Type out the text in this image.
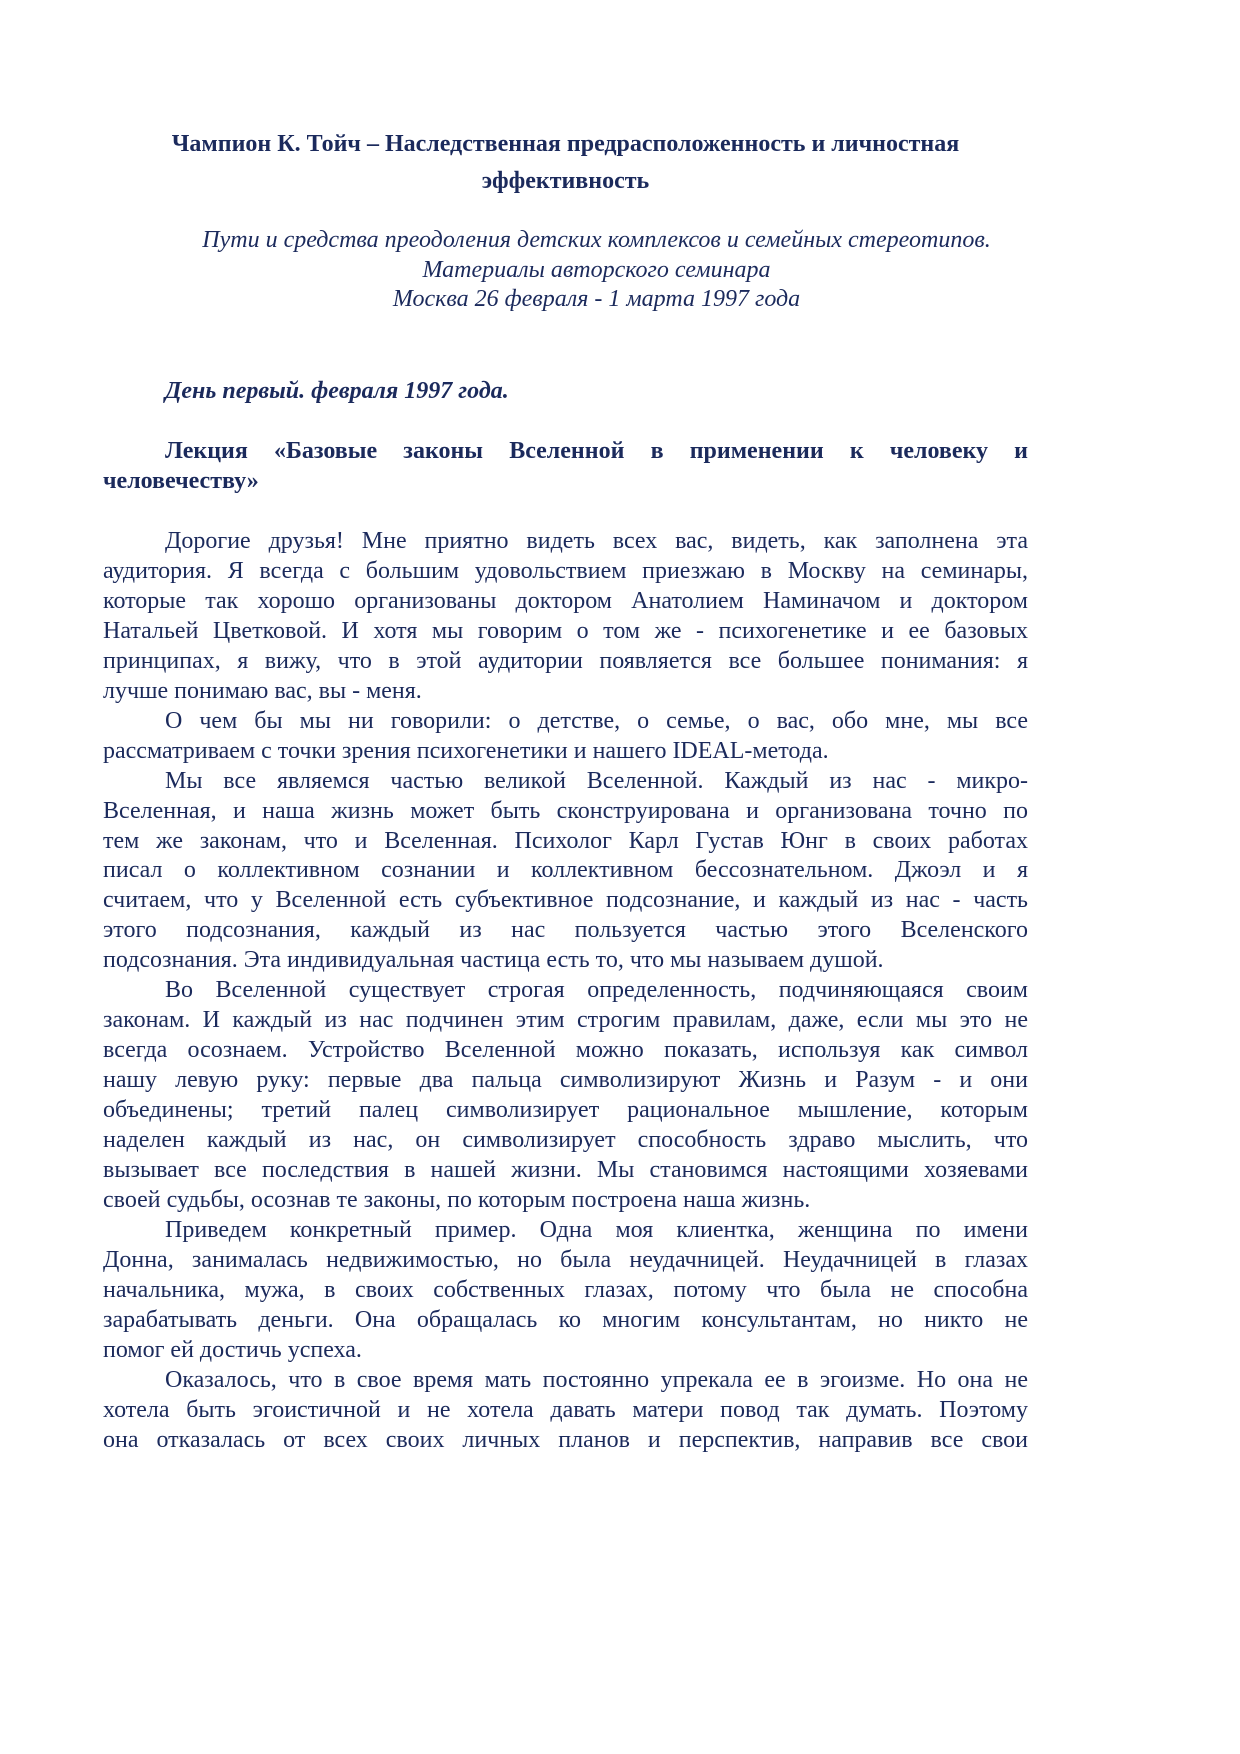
Чампион К. Тойч – Наследственная предрасположенность и личностная
эффективность
Пути и средства преодоления детских комплексов и семейных стереотипов.
Материалы авторского семинара
Москва 26 февраля - 1 марта 1997 года
День первый. февраля 1997 года.
Лекция «Базовые законы Вселенной в применении к человеку и
человечеству»
Дорогие друзья! Мне приятно видеть всех вас, видеть, как заполнена эта
аудитория. Я всегда с большим удовольствием приезжаю в Москву на семинары,
которые так хорошо организованы доктором Анатолием Наминачом и доктором
Натальей Цветковой. И хотя мы говорим о том же - психогенетике и ее базовых
принципах, я вижу, что в этой аудитории появляется все большее понимания: я
лучше понимаю вас, вы - меня.
О чем бы мы ни говорили: о детстве, о семье, о вас, обо мне, мы все
рассматриваем с точки зрения психогенетики и нашего IDEAL-метода.
Мы все являемся частью великой Вселенной. Каждый из нас - микро-
Вселенная, и наша жизнь может быть сконструирована и организована точно по
тем же законам, что и Вселенная. Психолог Карл Густав Юнг в своих работах
писал о коллективном сознании и коллективном бессознательном. Джоэл и я
считаем, что у Вселенной есть субъективное подсознание, и каждый из нас - часть
этого подсознания, каждый из нас пользуется частью этого Вселенского
подсознания. Эта индивидуальная частица есть то, что мы называем душой.
Во Вселенной существует строгая определенность, подчиняющаяся своим
законам. И каждый из нас подчинен этим строгим правилам, даже, если мы это не
всегда осознаем. Устройство Вселенной можно показать, используя как символ
нашу левую руку: первые два пальца символизируют Жизнь и Разум - и они
объединены; третий палец символизирует рациональное мышление, которым
наделен каждый из нас, он символизирует способность здраво мыслить, что
вызывает все последствия в нашей жизни. Мы становимся настоящими хозяевами
своей судьбы, осознав те законы, по которым построена наша жизнь.
Приведем конкретный пример. Одна моя клиентка, женщина по имени
Донна, занималась недвижимостью, но была неудачницей. Неудачницей в глазах
начальника, мужа, в своих собственных глазах, потому что была не способна
зарабатывать деньги. Она обращалась ко многим консультантам, но никто не
помог ей достичь успеха.
Оказалось, что в свое время мать постоянно упрекала ее в эгоизме. Но она не
хотела быть эгоистичной и не хотела давать матери повод так думать. Поэтому
она отказалась от всех своих личных планов и перспектив, направив все свои
